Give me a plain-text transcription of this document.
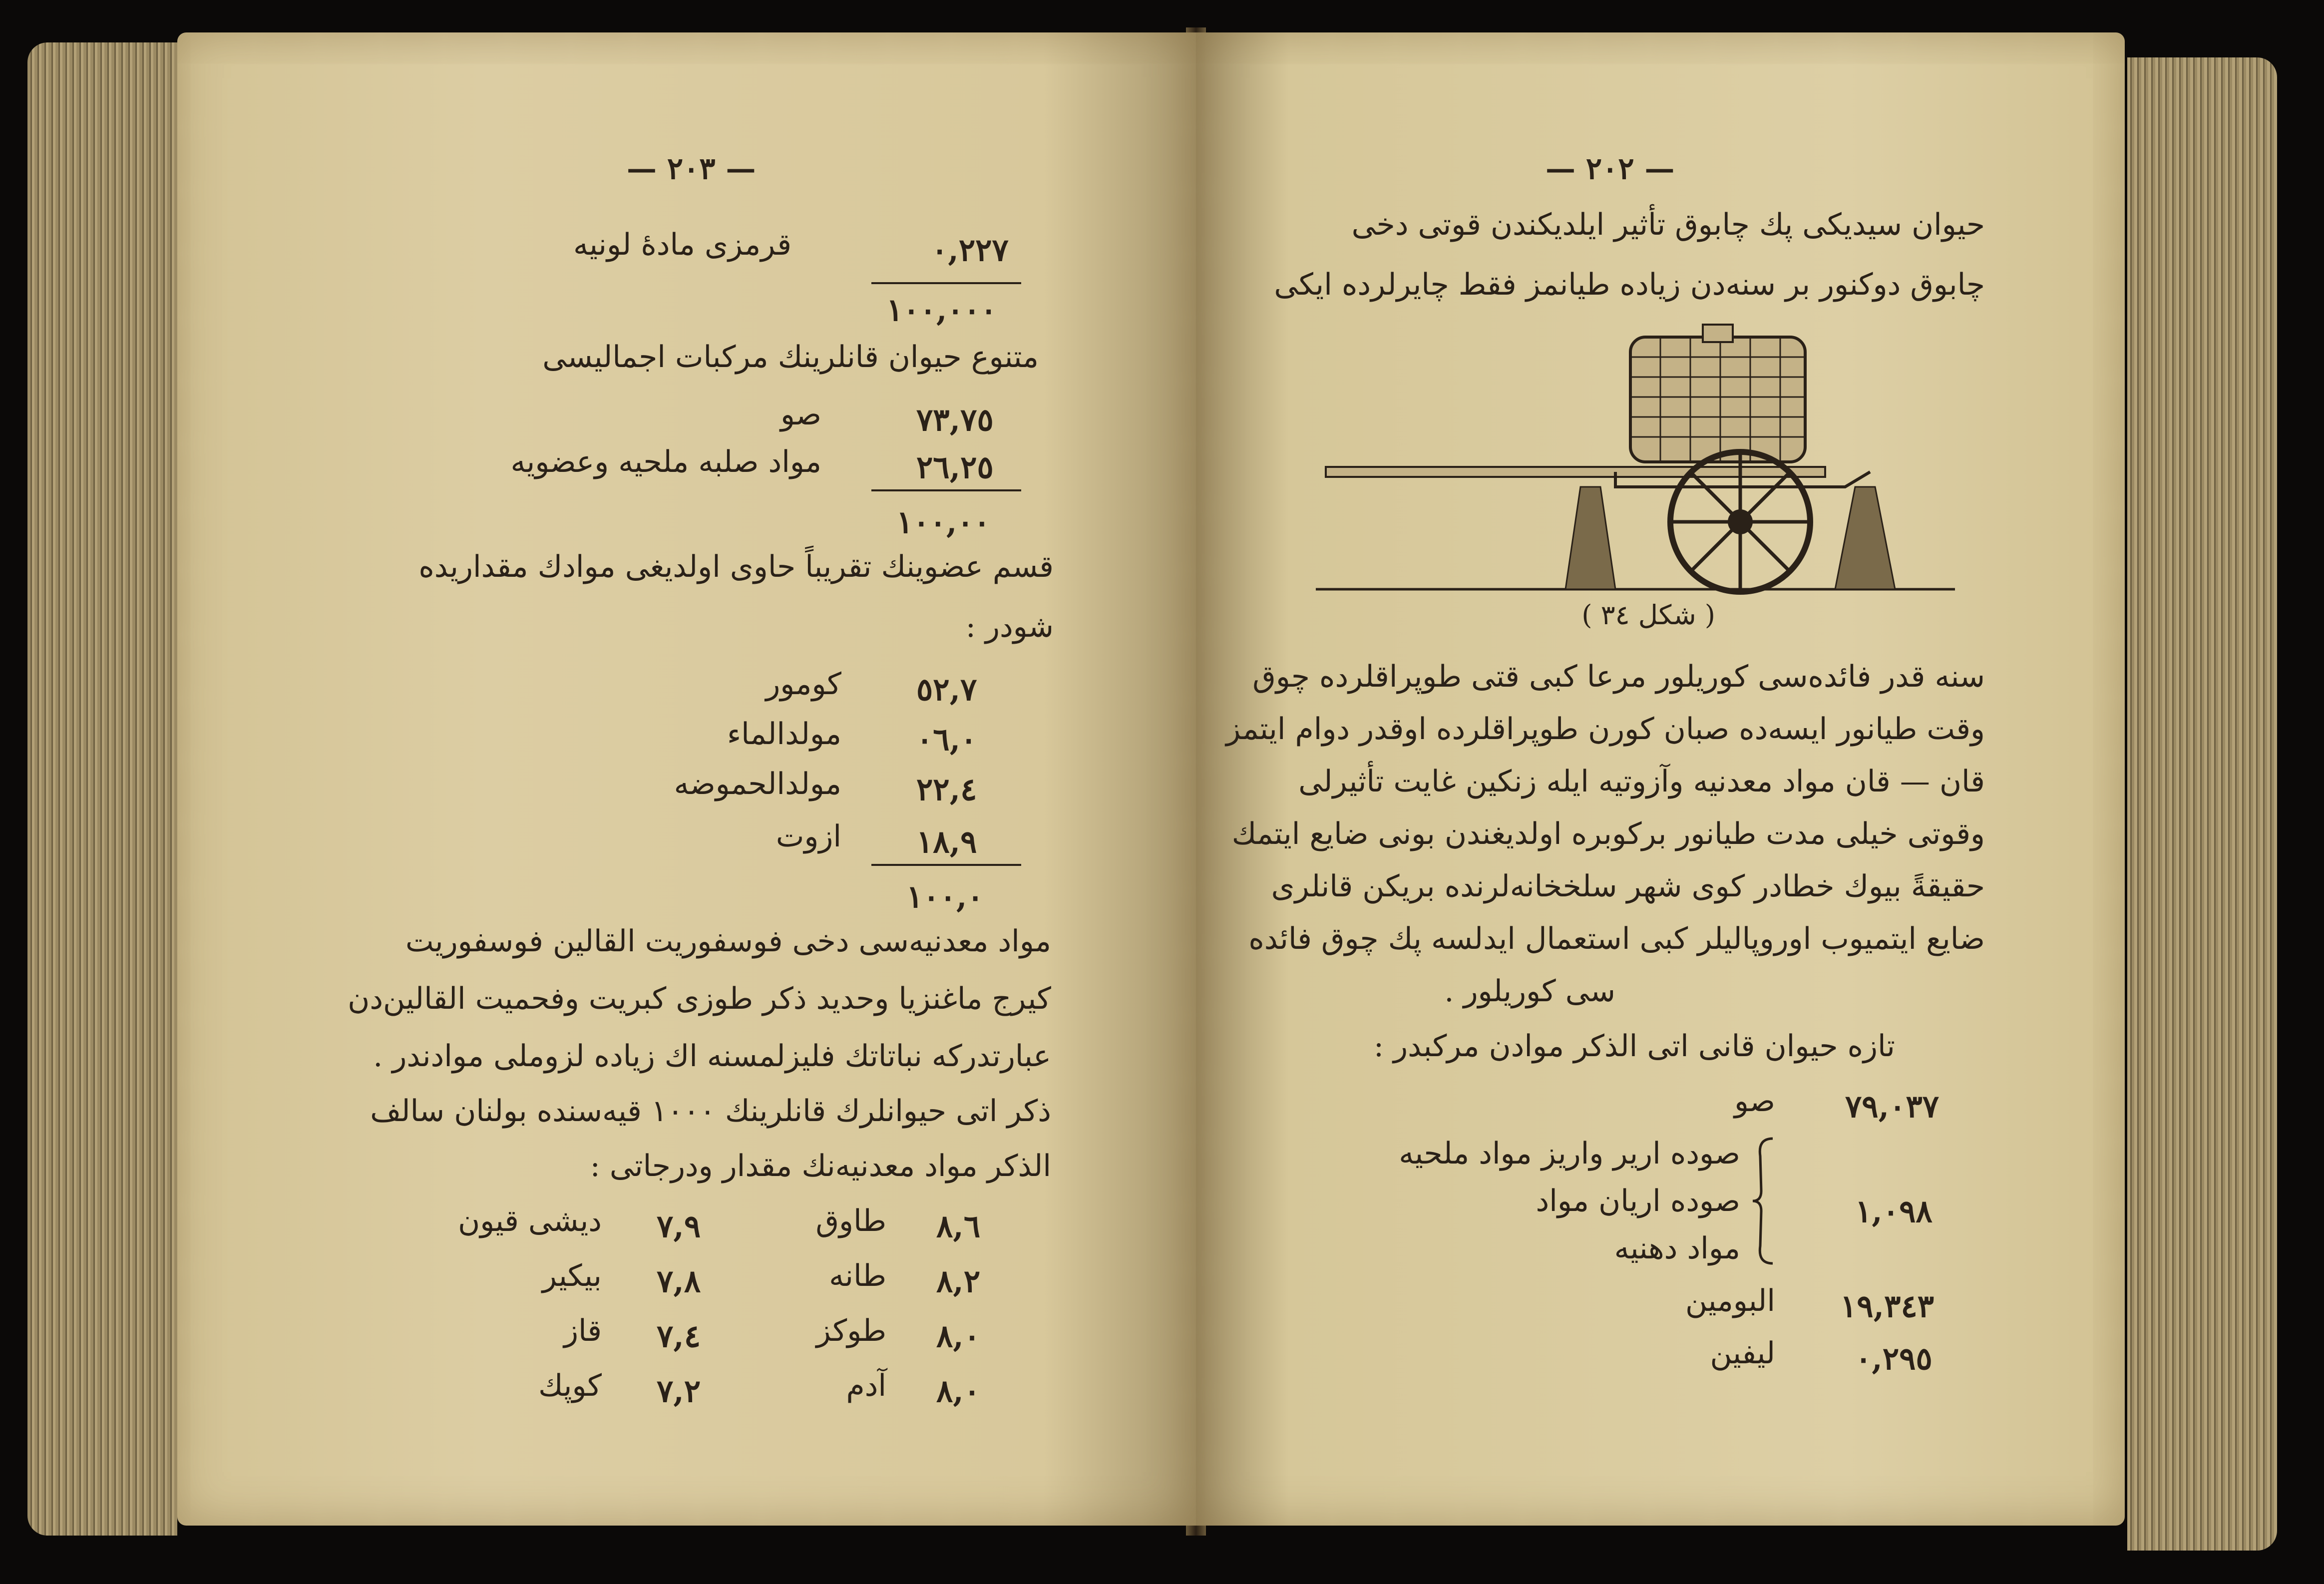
— ٢٠٣ —
٠,٢٢٧
قرمزی مادهٔ لونیه
١٠٠,٠٠٠
متنوع حیوان قانلرینك مركبات اجمالیسی
٧٣,٧٥
صو
٢٦,٢٥
مواد صلبه ملحیه وعضویه
١٠٠,٠٠
قسم عضوینك تقریباً حاوی اولدیغی موادك مقداریده
شودر :
٥٢,٧
كومور
٠٦,٠
مولدالماء
٢٢,٤
مولدالحموضه
١٨,٩
ازوت
١٠٠,٠
مواد معدنیه‌سی دخی فوسفوریت القالین فوسفوریت
كیرج ماغنزیا وحدید ذكر طوزی كبریت وفحمیت القالین‌دن
عبارتدركه نباتاتك فلیزلمسنه اك زیاده لزوملی موادندر .
ذكر اتی حیوانلرك قانلرینك ١٠٠٠ قیه‌سنده بولنان سالف
الذكر مواد معدنیه‌نك مقدار ودرجاتی :
٨,٦
طاوق
٨,٢
طانه
٨,٠
طوكز
٨,٠
آدم
٧,٩
دیشی قیون
٧,٨
بیكیر
٧,٤
قاز
٧,٢
كوپك
— ٢٠٢ —
حیوان سیدیكی پك چابوق تأثیر ایلدیكندن قوتی دخی
چابوق دوكنور بر سنه‌دن زیاده طیانمز فقط چایرلرده ایكی
( شكل ٣٤ )
سنه قدر فائده‌سی كوریلور مرعا كبی قتی طوپراقلرده چوق
وقت طیانور ایسه‌ده صبان كورن طوپراقلرده اوقدر دوام ایتمز
قان — قان مواد معدنیه وآزوتیه ایله زنكین غایت تأثیرلی
وقوتی خیلی مدت طیانور بركوبره اولدیغندن بونی ضایع ایتمك
حقیقةً بیوك خطادر كوی شهر سلخخانه‌لرنده بریكن قانلری
ضایع ایتمیوب اوروپالیلر كبی استعمال ایدلسه پك چوق فائده‌
سی كوریلور .
تازه حیوان قانی اتی الذكر موادن مركبدر :
٧٩,٠٣٧
صو
١,٠٩٨
صوده اریر واریز مواد ملحیه
صوده اریان مواد
مواد دهنیه
١٩,٣٤٣
البومین
٠,٢٩٥
لیفین
